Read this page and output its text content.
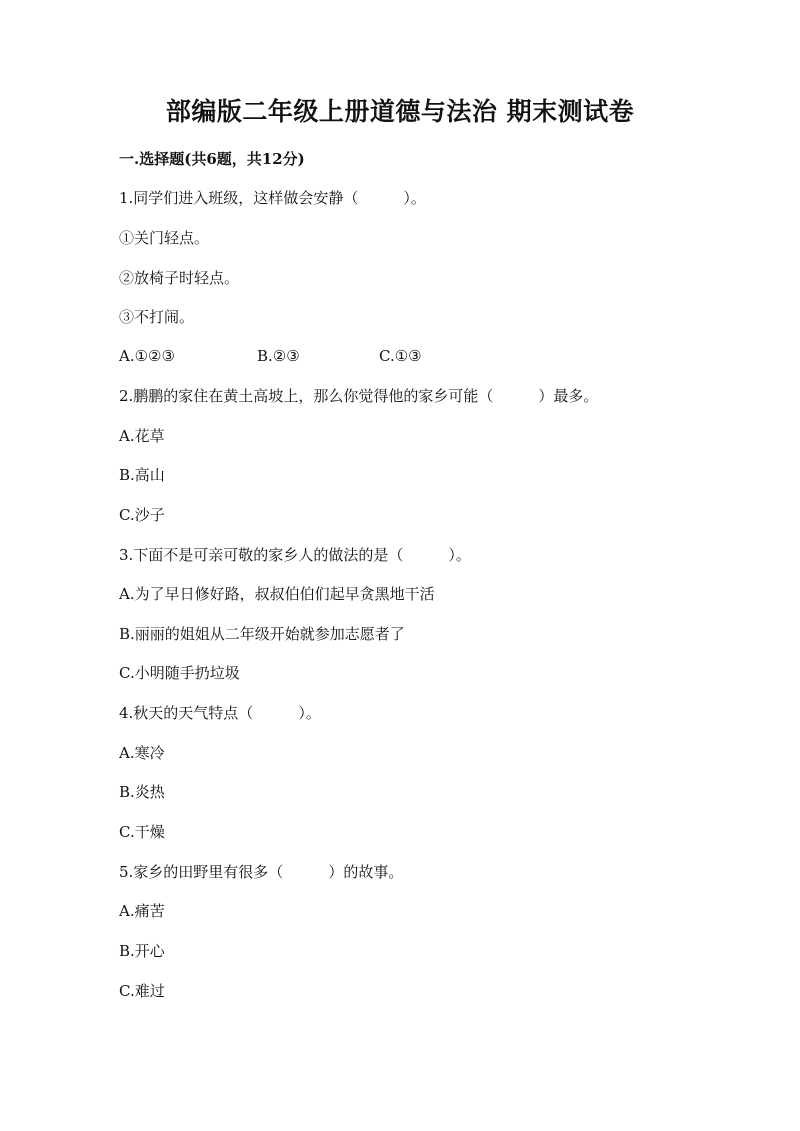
部编版二年级上册道德与法治 期末测试卷
一.选择题(共6题，共12分)
1.同学们进入班级，这样做会安静（　　　）。
①关门轻点。
②放椅子时轻点。
③不打闹。

A.①②③

	B.②③

	C.①③

2.鹏鹏的家住在黄土高坡上，那么你觉得他的家乡可能（　　　）最多。
A.花草
B.高山
C.沙子
3.下面不是可亲可敬的家乡人的做法的是（　　　）。
A.为了早日修好路，叔叔伯伯们起早贪黑地干活
B.丽丽的姐姐从二年级开始就参加志愿者了
C.小明随手扔垃圾
4.秋天的天气特点（　　　）。
A.寒冷
B.炎热
C.干燥
5.家乡的田野里有很多（　　　）的故事。
A.痛苦
B.开心
C.难过
